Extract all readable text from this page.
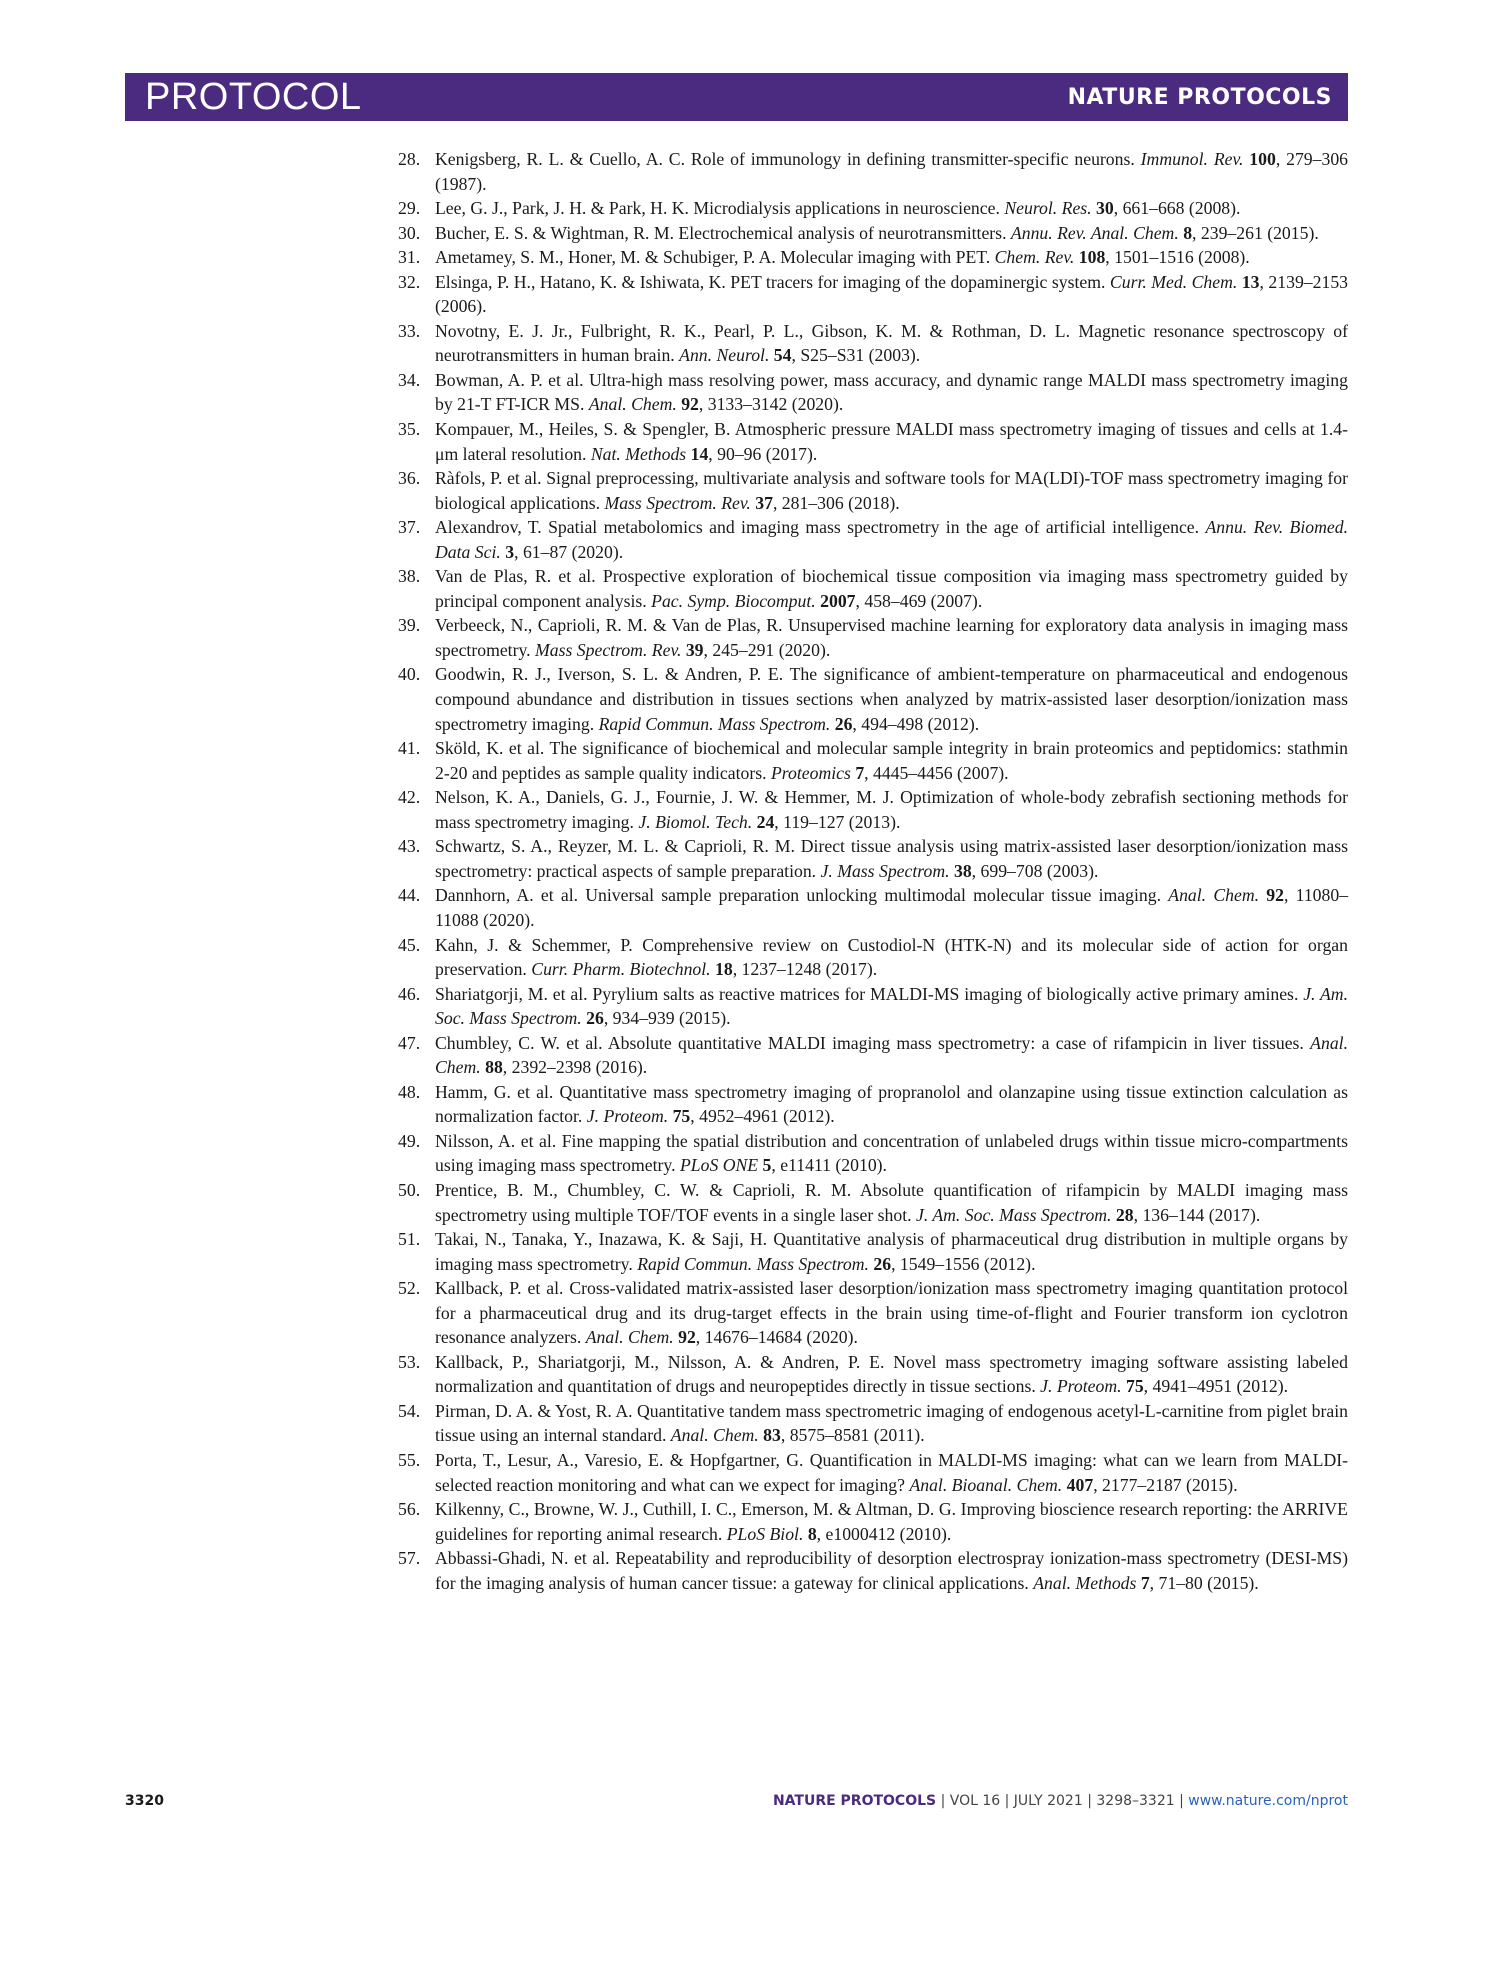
PROTOCOL	NATURE PROTOCOLS
28. Kenigsberg, R. L. & Cuello, A. C. Role of immunology in defining transmitter-specific neurons. Immunol. Rev. 100, 279–306 (1987).
29. Lee, G. J., Park, J. H. & Park, H. K. Microdialysis applications in neuroscience. Neurol. Res. 30, 661–668 (2008).
30. Bucher, E. S. & Wightman, R. M. Electrochemical analysis of neurotransmitters. Annu. Rev. Anal. Chem. 8, 239–261 (2015).
31. Ametamey, S. M., Honer, M. & Schubiger, P. A. Molecular imaging with PET. Chem. Rev. 108, 1501–1516 (2008).
32. Elsinga, P. H., Hatano, K. & Ishiwata, K. PET tracers for imaging of the dopaminergic system. Curr. Med. Chem. 13, 2139–2153 (2006).
33. Novotny, E. J. Jr., Fulbright, R. K., Pearl, P. L., Gibson, K. M. & Rothman, D. L. Magnetic resonance spectroscopy of neurotransmitters in human brain. Ann. Neurol. 54, S25–S31 (2003).
34. Bowman, A. P. et al. Ultra-high mass resolving power, mass accuracy, and dynamic range MALDI mass spectrometry imaging by 21-T FT-ICR MS. Anal. Chem. 92, 3133–3142 (2020).
35. Kompauer, M., Heiles, S. & Spengler, B. Atmospheric pressure MALDI mass spectrometry imaging of tissues and cells at 1.4-μm lateral resolution. Nat. Methods 14, 90–96 (2017).
36. Ràfols, P. et al. Signal preprocessing, multivariate analysis and software tools for MA(LDI)-TOF mass spectrometry imaging for biological applications. Mass Spectrom. Rev. 37, 281–306 (2018).
37. Alexandrov, T. Spatial metabolomics and imaging mass spectrometry in the age of artificial intelligence. Annu. Rev. Biomed. Data Sci. 3, 61–87 (2020).
38. Van de Plas, R. et al. Prospective exploration of biochemical tissue composition via imaging mass spectrometry guided by principal component analysis. Pac. Symp. Biocomput. 2007, 458–469 (2007).
39. Verbeeck, N., Caprioli, R. M. & Van de Plas, R. Unsupervised machine learning for exploratory data analysis in imaging mass spectrometry. Mass Spectrom. Rev. 39, 245–291 (2020).
40. Goodwin, R. J., Iverson, S. L. & Andren, P. E. The significance of ambient-temperature on pharmaceutical and endogenous compound abundance and distribution in tissues sections when analyzed by matrix-assisted laser desorption/ionization mass spectrometry imaging. Rapid Commun. Mass Spectrom. 26, 494–498 (2012).
41. Sköld, K. et al. The significance of biochemical and molecular sample integrity in brain proteomics and peptidomics: stathmin 2-20 and peptides as sample quality indicators. Proteomics 7, 4445–4456 (2007).
42. Nelson, K. A., Daniels, G. J., Fournie, J. W. & Hemmer, M. J. Optimization of whole-body zebrafish sectioning methods for mass spectrometry imaging. J. Biomol. Tech. 24, 119–127 (2013).
43. Schwartz, S. A., Reyzer, M. L. & Caprioli, R. M. Direct tissue analysis using matrix-assisted laser desorption/ionization mass spectrometry: practical aspects of sample preparation. J. Mass Spectrom. 38, 699–708 (2003).
44. Dannhorn, A. et al. Universal sample preparation unlocking multimodal molecular tissue imaging. Anal. Chem. 92, 11080–11088 (2020).
45. Kahn, J. & Schemmer, P. Comprehensive review on Custodiol-N (HTK-N) and its molecular side of action for organ preservation. Curr. Pharm. Biotechnol. 18, 1237–1248 (2017).
46. Shariatgorji, M. et al. Pyrylium salts as reactive matrices for MALDI-MS imaging of biologically active primary amines. J. Am. Soc. Mass Spectrom. 26, 934–939 (2015).
47. Chumbley, C. W. et al. Absolute quantitative MALDI imaging mass spectrometry: a case of rifampicin in liver tissues. Anal. Chem. 88, 2392–2398 (2016).
48. Hamm, G. et al. Quantitative mass spectrometry imaging of propranolol and olanzapine using tissue extinction calculation as normalization factor. J. Proteom. 75, 4952–4961 (2012).
49. Nilsson, A. et al. Fine mapping the spatial distribution and concentration of unlabeled drugs within tissue micro-compartments using imaging mass spectrometry. PLoS ONE 5, e11411 (2010).
50. Prentice, B. M., Chumbley, C. W. & Caprioli, R. M. Absolute quantification of rifampicin by MALDI imaging mass spectrometry using multiple TOF/TOF events in a single laser shot. J. Am. Soc. Mass Spectrom. 28, 136–144 (2017).
51. Takai, N., Tanaka, Y., Inazawa, K. & Saji, H. Quantitative analysis of pharmaceutical drug distribution in multiple organs by imaging mass spectrometry. Rapid Commun. Mass Spectrom. 26, 1549–1556 (2012).
52. Kallback, P. et al. Cross-validated matrix-assisted laser desorption/ionization mass spectrometry imaging quantitation protocol for a pharmaceutical drug and its drug-target effects in the brain using time-of-flight and Fourier transform ion cyclotron resonance analyzers. Anal. Chem. 92, 14676–14684 (2020).
53. Kallback, P., Shariatgorji, M., Nilsson, A. & Andren, P. E. Novel mass spectrometry imaging software assisting labeled normalization and quantitation of drugs and neuropeptides directly in tissue sections. J. Proteom. 75, 4941–4951 (2012).
54. Pirman, D. A. & Yost, R. A. Quantitative tandem mass spectrometric imaging of endogenous acetyl-L-carnitine from piglet brain tissue using an internal standard. Anal. Chem. 83, 8575–8581 (2011).
55. Porta, T., Lesur, A., Varesio, E. & Hopfgartner, G. Quantification in MALDI-MS imaging: what can we learn from MALDI-selected reaction monitoring and what can we expect for imaging? Anal. Bioanal. Chem. 407, 2177–2187 (2015).
56. Kilkenny, C., Browne, W. J., Cuthill, I. C., Emerson, M. & Altman, D. G. Improving bioscience research reporting: the ARRIVE guidelines for reporting animal research. PLoS Biol. 8, e1000412 (2010).
57. Abbassi-Ghadi, N. et al. Repeatability and reproducibility of desorption electrospray ionization-mass spectrometry (DESI-MS) for the imaging analysis of human cancer tissue: a gateway for clinical applications. Anal. Methods 7, 71–80 (2015).
3320	NATURE PROTOCOLS | VOL 16 | JULY 2021 | 3298–3321 | www.nature.com/nprot
